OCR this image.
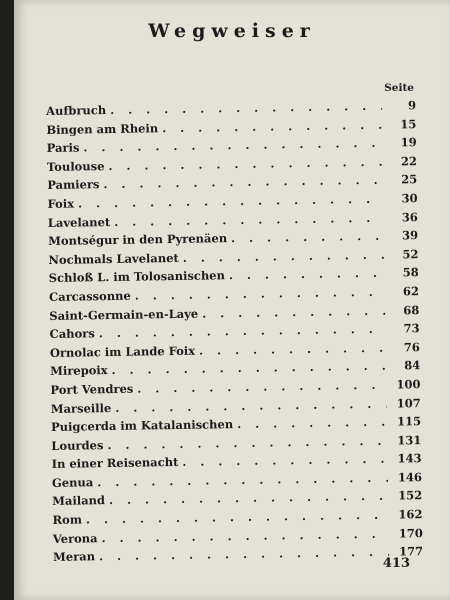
Wegweiser
Seite
Aufbruch . . .	9
Bingen am Rhein . . .	15
Paris . . .	19
Toulouse . . .	22
Pamiers . . .	25
Foix . . .	30
Lavelanet . . .	36
Montségur in den Pyrenäen . . .	39
Nochmals Lavelanet . . .	52
Schloß L. im Tolosanischen . . .	58
Carcassonne . . .	62
Saint-Germain-en-Laye . . .	68
Cahors . . .	73
Ornolac im Lande Foix . . .	76
Mirepoix . . .	84
Port Vendres . . .	100
Marseille . . .	107
Puigcerda im Katalanischen . . .	115
Lourdes . . .	131
In einer Reisenacht . . .	143
Genua . . .	146
Mailand . . .	152
Rom . . .	162
Verona . . .	170
Meran . . .	177
413
